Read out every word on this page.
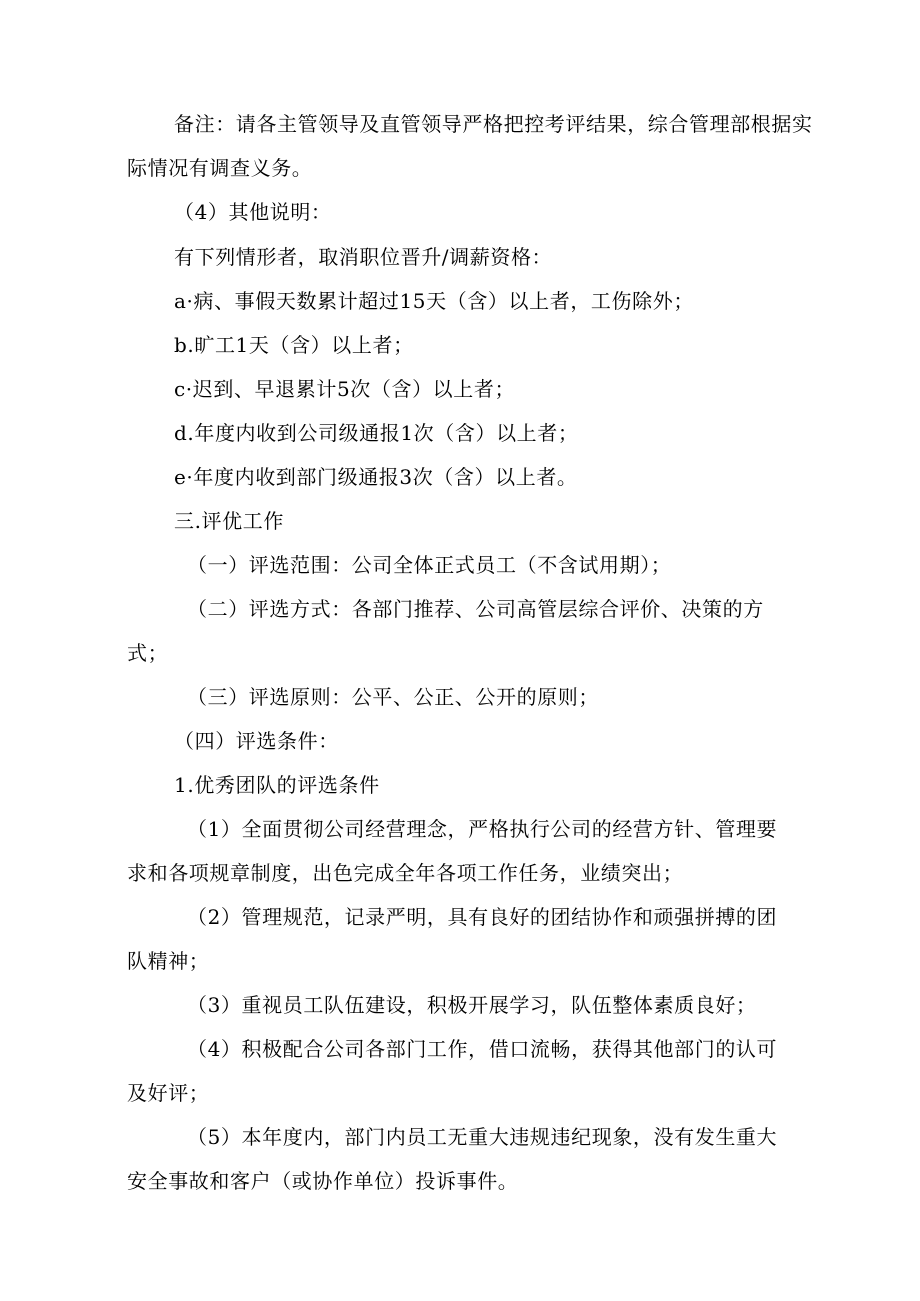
备注：请各主管领导及直管领导严格把控考评结果，综合管理部根据实
际情况有调查义务。
（4）其他说明：
有下列情形者，取消职位晋升/调薪资格：
a·病、事假天数累计超过15天（含）以上者，工伤除外；
b.旷工1天（含）以上者；
c·迟到、早退累计5次（含）以上者；
d.年度内收到公司级通报1次（含）以上者；
e·年度内收到部门级通报3次（含）以上者。
三.评优工作
（一）评选范围：公司全体正式员工（不含试用期）；
（二）评选方式：各部门推荐、公司高管层综合评价、决策的方
式；
（三）评选原则：公平、公正、公开的原则；
（四）评选条件：
1.优秀团队的评选条件
（1）全面贯彻公司经营理念，严格执行公司的经营方针、管理要
求和各项规章制度，出色完成全年各项工作任务，业绩突出；
（2）管理规范，记录严明，具有良好的团结协作和顽强拼搏的团
队精神；
（3）重视员工队伍建设，积极开展学习，队伍整体素质良好；
（4）积极配合公司各部门工作，借口流畅，获得其他部门的认可
及好评；
（5）本年度内，部门内员工无重大违规违纪现象，没有发生重大
安全事故和客户（或协作单位）投诉事件。
